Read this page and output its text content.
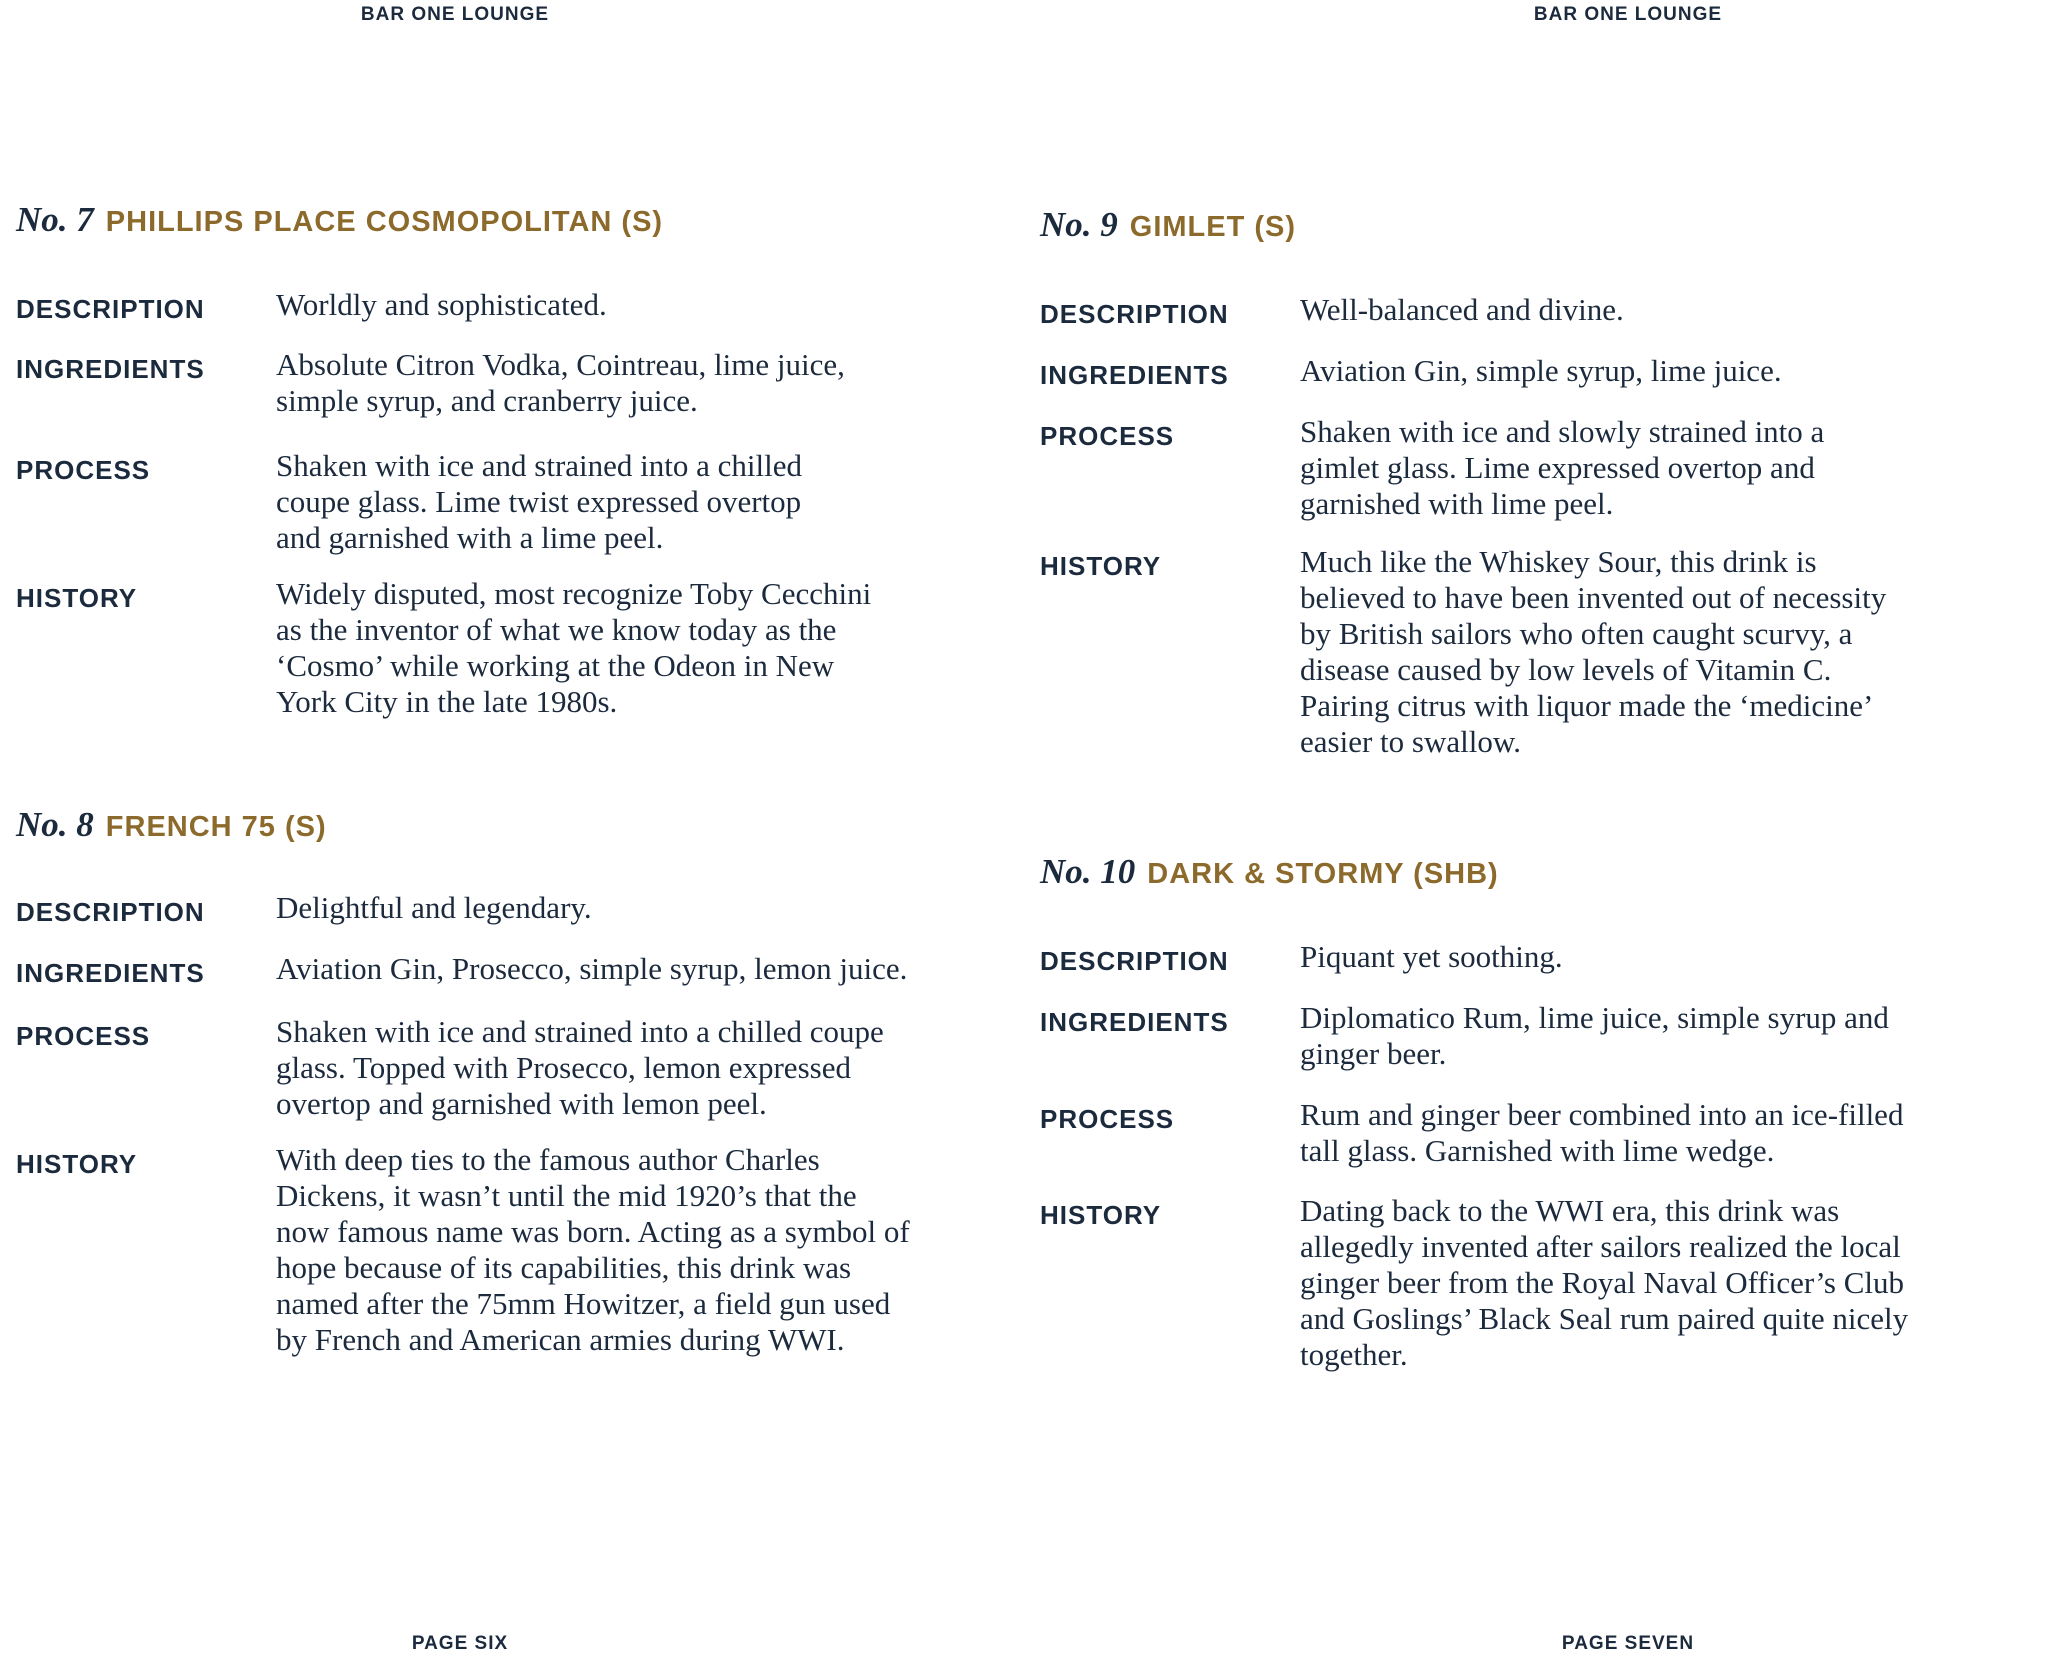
BAR ONE LOUNGE
No. 7 PHILLIPS PLACE COSMOPOLITAN (S)
DESCRIPTION Worldly and sophisticated.
INGREDIENTS Absolute Citron Vodka, Cointreau, lime juice,
simple syrup, and cranberry juice.
PROCESS	Shaken with ice and strained into a chilled
coupe glass. Lime twist expressed overtop
and garnished with a lime peel.
HISTORY	Widely disputed, most recognize Toby Cecchini
as the inventor of what we know today as the
‘Cosmo’ while working at the Odeon in New
York City in the late 1980s.
No. 8 FRENCH 75 (S)
DESCRIPTION Delightful and legendary.
INGREDIENTS Aviation Gin, Prosecco, simple syrup, lemon juice.
PROCESS	Shaken with ice and strained into a chilled coupe
glass. Topped with Prosecco, lemon expressed
overtop and garnished with lemon peel.
HISTORY	With deep ties to the famous author Charles
Dickens, it wasn’t until the mid 1920’s that the
now famous name was born. Acting as a symbol of
hope because of its capabilities, this drink was
named after the 75mm Howitzer, a field gun used
by French and American armies during WWI.
PAGE SIX
BAR ONE LOUNGE
No. 9 GIMLET (S)
DESCRIPTION Well-balanced and divine.
INGREDIENTS Aviation Gin, simple syrup, lime juice.
PROCESS	Shaken with ice and slowly strained into a
gimlet glass. Lime expressed overtop and
garnished with lime peel.
HISTORY	Much like the Whiskey Sour, this drink is
believed to have been invented out of necessity
by British sailors who often caught scurvy, a
disease caused by low levels of Vitamin C.
Pairing citrus with liquor made the ‘medicine’
easier to swallow.
No. 10 DARK & STORMY (SHB)
DESCRIPTION Piquant yet soothing.
INGREDIENTS Diplomatico Rum, lime juice, simple syrup and
ginger beer.
PROCESS	Rum and ginger beer combined into an ice-filled
tall glass. Garnished with lime wedge.
HISTORY	Dating back to the WWI era, this drink was
allegedly invented after sailors realized the local
ginger beer from the Royal Naval Officer’s Club
and Goslings’ Black Seal rum paired quite nicely
together.
PAGE SEVEN
